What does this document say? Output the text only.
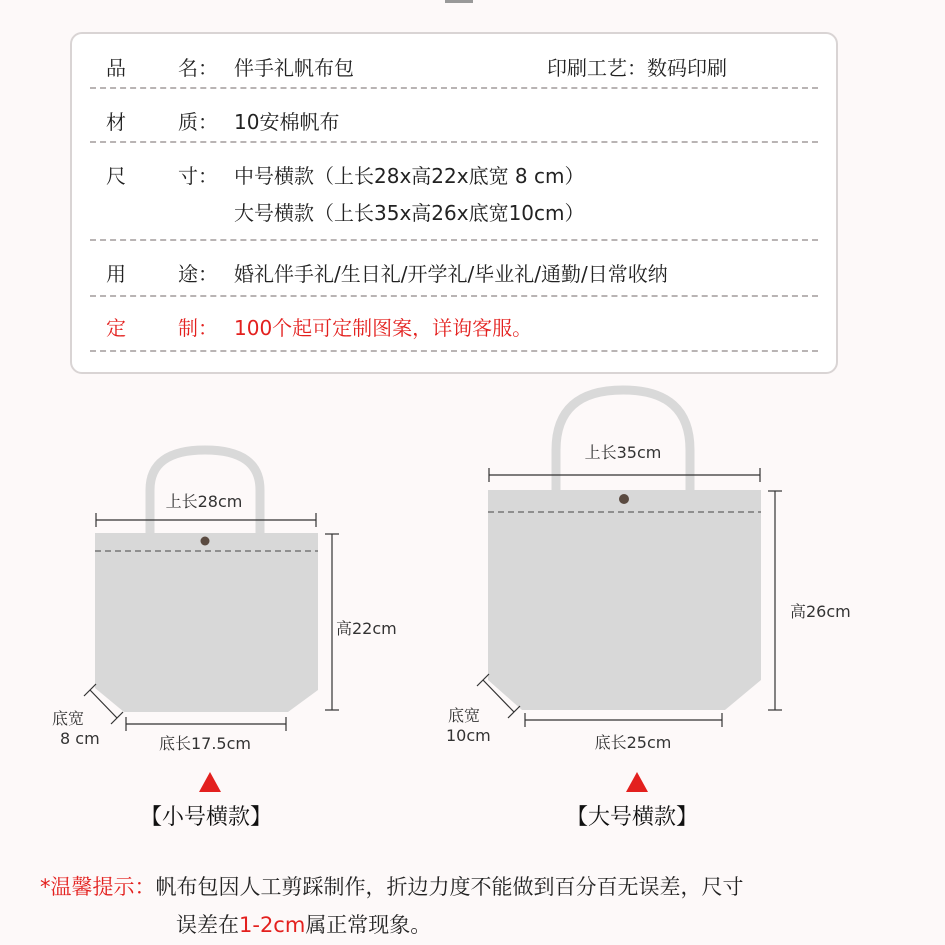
品	名： 伴手礼帆布包	印刷工艺：数码印刷
材	质： 10安棉帆布
尺	寸： 中号横款（上长28x高22x底宽 8 cm）
大号横款（上长35x高26x底宽10cm）
用	途： 婚礼伴手礼/生日礼/开学礼/毕业礼/通勤/日常收纳
定	制： 100个起可定制图案，详询客服。
上长28cm
高22cm
底宽
8 cm	底长17.5cm
上长35cm
高26cm
底宽
10cm	底长25cm
【小号横款】	【大号横款】
*温馨提示：帆布包因人工剪踩制作，折边力度不能做到百分百无误差，尺寸
误差在1-2cm属正常现象。
